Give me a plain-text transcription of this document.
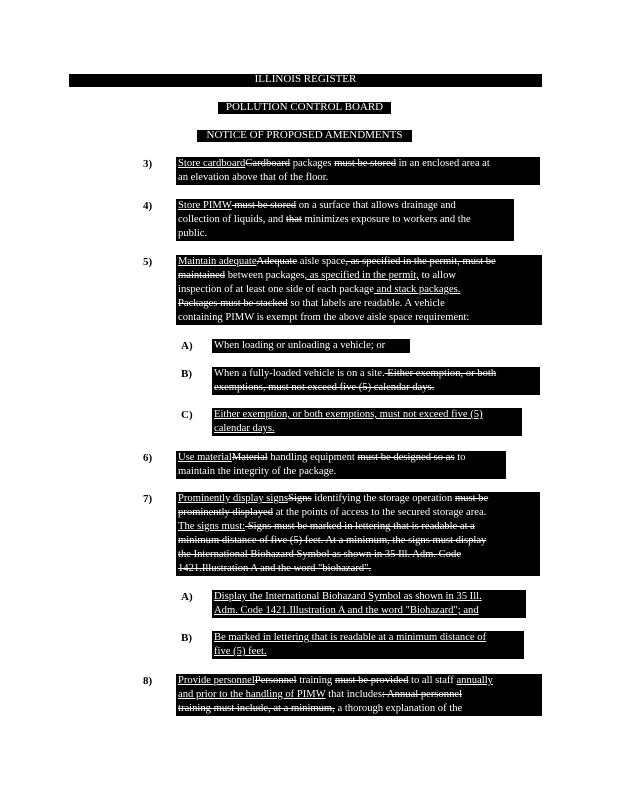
ILLINOIS REGISTER
POLLUTION CONTROL BOARD
NOTICE OF PROPOSED AMENDMENTS
3) Store cardboardCardboard packages must be stored in an enclosed area at
an elevation above that of the floor.
4) Store PIMW must be stored on a surface that allows drainage and
collection of liquids, and that minimizes exposure to workers and the
public.
5) Maintain adequateAdequate aisle space, as specified in the permit, must be
maintained between packages, as specified in the permit, to allow
inspection of at least one side of each package and stack packages.
Packages must be stacked so that labels are readable. A vehicle
containing PIMW is exempt from the above aisle space requirement:
A) When loading or unloading a vehicle; or
B) When a fully-loaded vehicle is on a site. Either exemption, or both
exemptions, must not exceed five (5) calendar days.
C) Either exemption, or both exemptions, must not exceed five (5)
calendar days.
6) Use materialMaterial handling equipment must be designed so as to
maintain the integrity of the package.
7) Prominently display signsSigns identifying the storage operation must be
prominently displayed at the points of access to the secured storage area.
The signs must: Signs must be marked in lettering that is readable at a
minimum distance of five (5) feet. At a minimum, the signs must display
the International Biohazard Symbol as shown in 35 Ill. Adm. Code
1421.Illustration A and the word "biohazard".
A) Display the International Biohazard Symbol as shown in 35 Ill.
Adm. Code 1421.Illustration A and the word "Biohazard"; and
B) Be marked in lettering that is readable at a minimum distance of
five (5) feet.
8) Provide personnelPersonnel training must be provided to all staff annually
and prior to the handling of PIMW that includes: Annual personnel
training must include, at a minimum, a thorough explanation of the
